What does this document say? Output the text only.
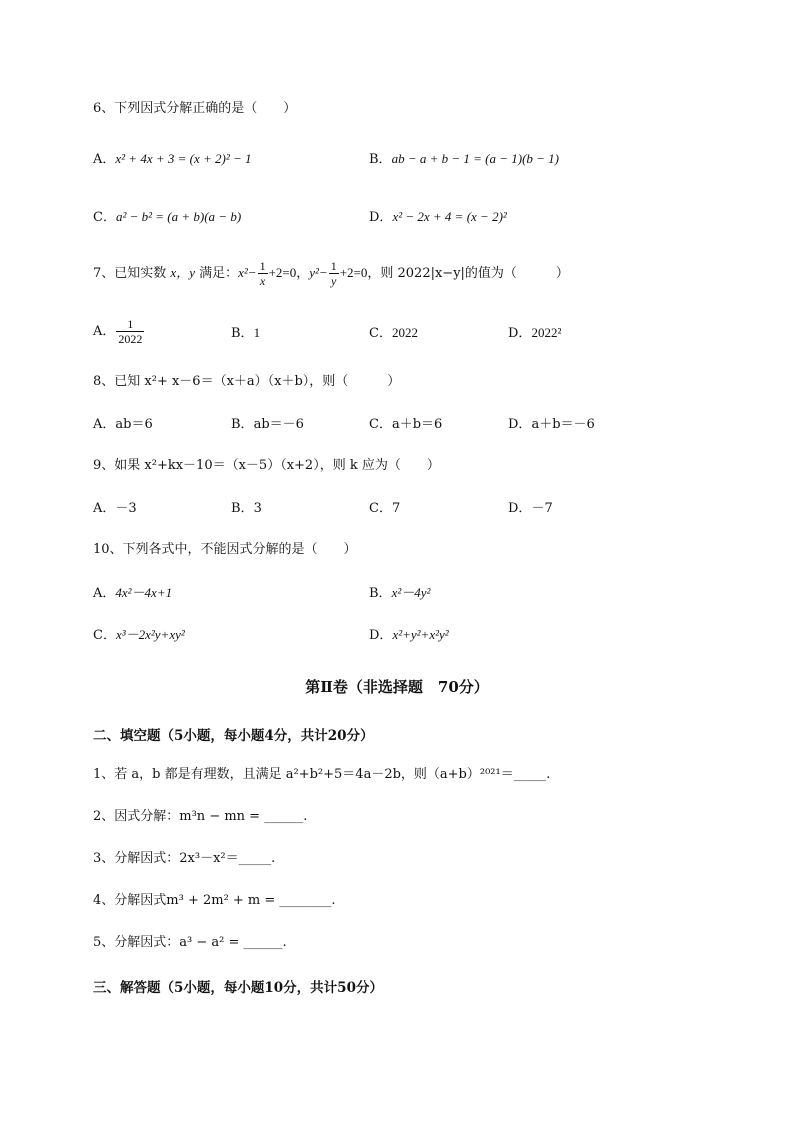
6、下列因式分解正确的是（　　）
A．x² + 4x + 3 = (x + 2)² − 1	B．ab − a + b − 1 = (a − 1)(b − 1)
C．a² − b² = (a + b)(a − b)	D．x² − 2x + 4 = (x − 2)²
7、已知实数 x，y 满足：$x^2- \frac{1}{x} +2=0$，$y^2- \frac{1}{y} +2=0$，则 2022|x−y|的值为（　　　）
A． $\frac{1}{2022}$	B．1	C．2022	D．2022²
8、已知 x²+ x－6＝（x＋a）（x＋b），则（　　　）
A．ab＝6	B．ab＝－6	C．a＋b＝6	D．a＋b＝－6
9、如果 x²+kx－10＝（x－5）（x+2），则 k 应为（　　）
A．－3	B．3	C．7	D．－7
10、下列各式中，不能因式分解的是（　　）
A．4x²－4x+1	B．x²－4y²
C．x³－2x²y+xy²	D．x²+y²+x²y²
第Ⅱ卷（非选择题　70分）
二、填空题（5小题，每小题4分，共计20分）
1、若 a，b 都是有理数，且满足 a²+b²+5＝4a－2b，则（a+b）²⁰²¹＝_____.
2、因式分解：m³n − mn = ______.
3、分解因式：2x³－x²＝_____.
4、分解因式m³ + 2m² + m = ________.
5、分解因式：a³ − a² = ______.
三、解答题（5小题，每小题10分，共计50分）
